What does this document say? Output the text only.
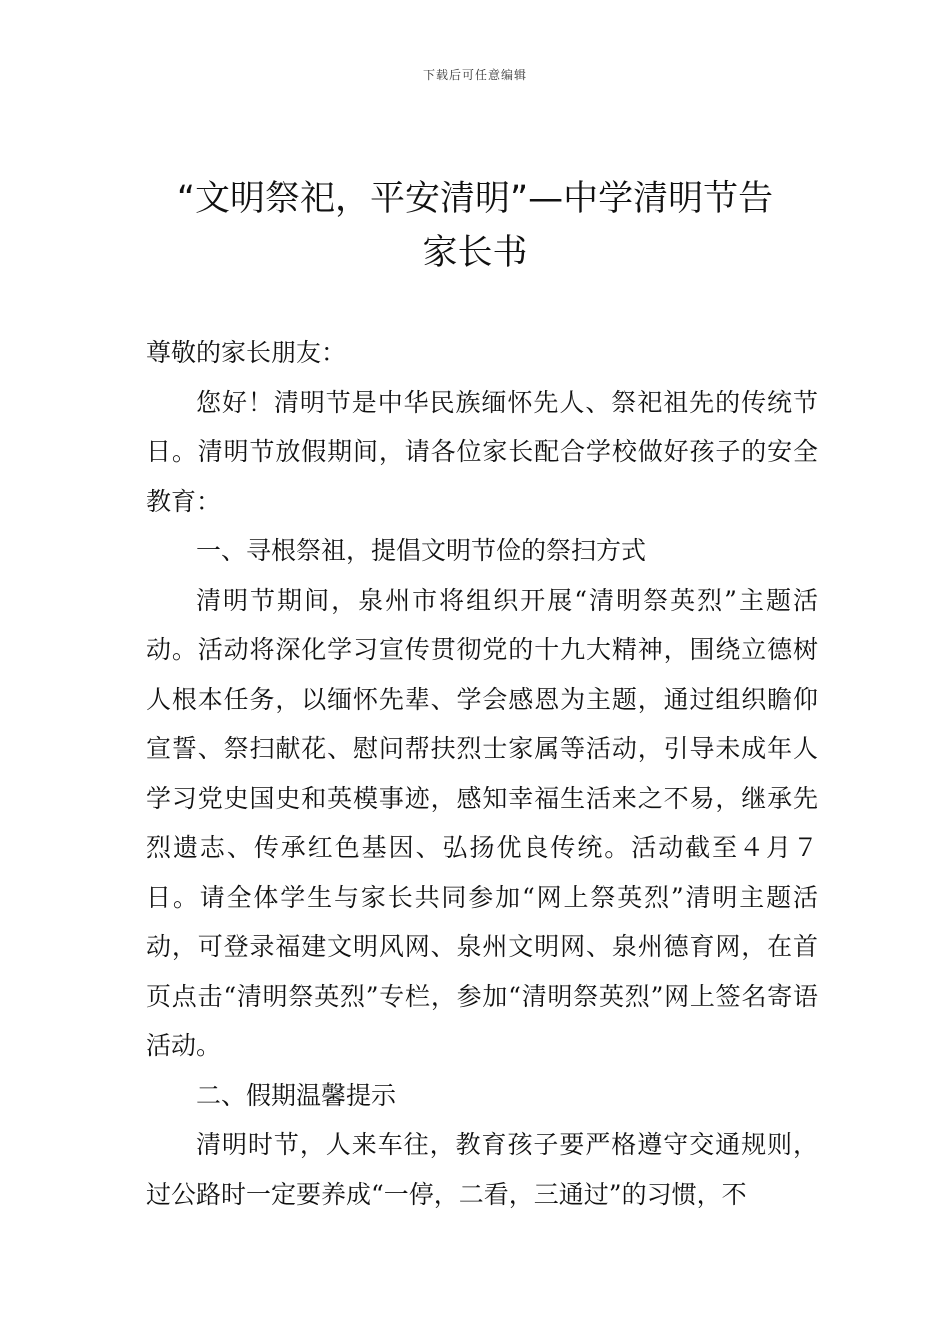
下载后可任意编辑
“文明祭祀，平安清明”—中学清明节告
家长书

尊敬的家长朋友：

您好！清明节是中华民族缅怀先人、祭祀祖先的传统节日。清明节放假期间，请各位家长配合学校做好孩子的安全教育：

一、寻根祭祖，提倡文明节俭的祭扫方式

清明节期间，泉州市将组织开展“清明祭英烈”主题活动。活动将深化学习宣传贯彻党的十九大精神，围绕立德树人根本任务，以缅怀先辈、学会感恩为主题，通过组织瞻仰宣誓、祭扫献花、慰问帮扶烈士家属等活动，引导未成年人学习党史国史和英模事迹，感知幸福生活来之不易，继承先烈遗志、传承红色基因、弘扬优良传统。活动截至４月７日。请全体学生与家长共同参加“网上祭英烈”清明主题活动，可登录福建文明风网、泉州文明网、泉州德育网，在首页点击“清明祭英烈”专栏，参加“清明祭英烈”网上签名寄语活动。

二、假期温馨提示

清明时节，人来车往，教育孩子要严格遵守交通规则，过公路时一定要养成“一停，二看，三通过”的习惯，不
